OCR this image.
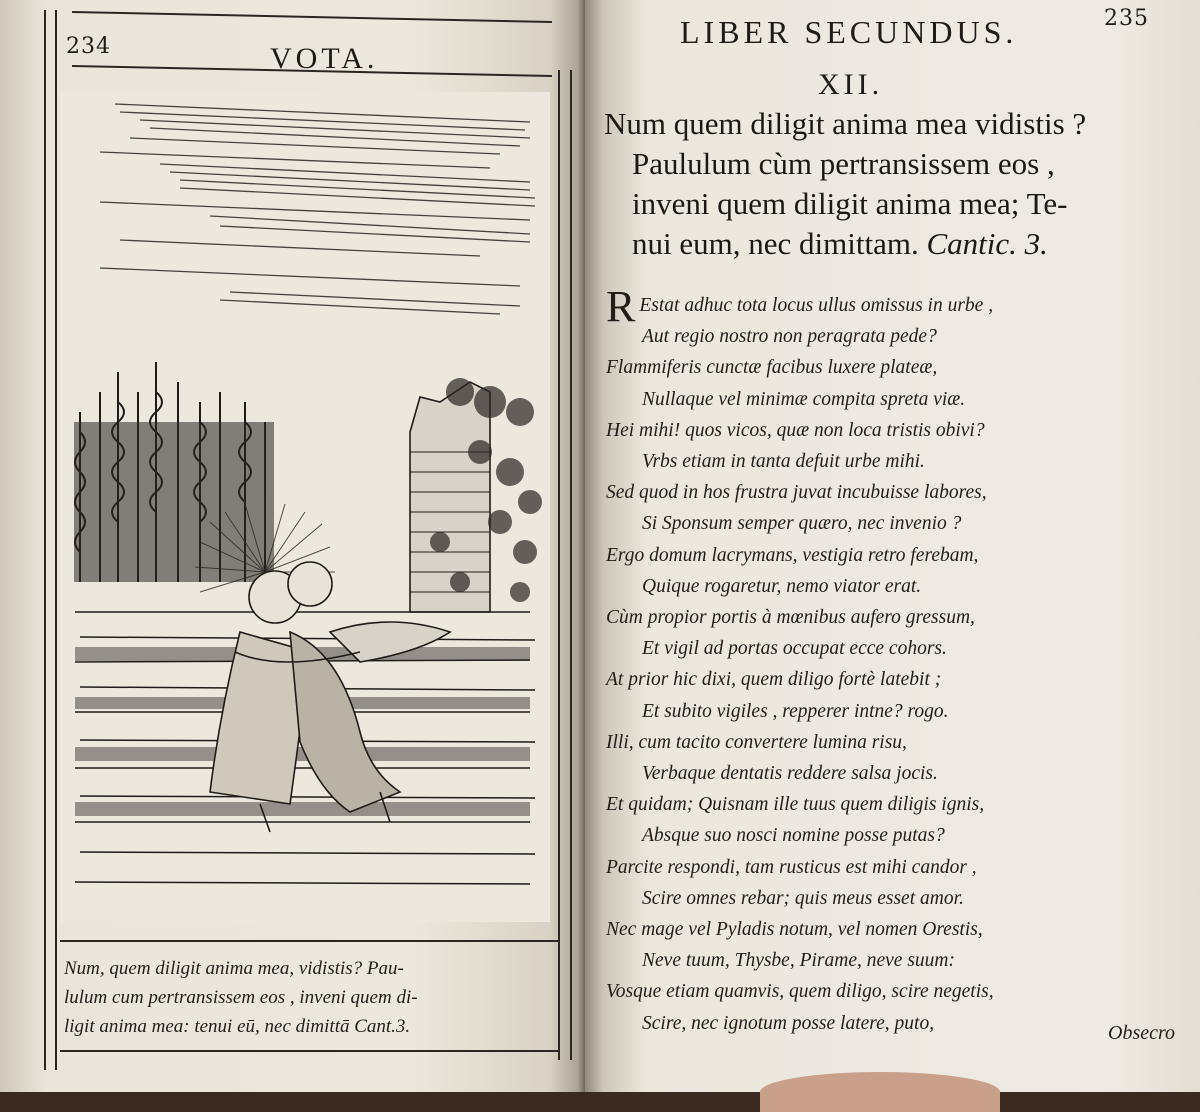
234	VOTA.
Num, quem diligit anima mea, vidistis? Pau-
lulum cum pertransissem eos , inveni quem di-
ligit anima mea: tenui eū, nec dimittā Cant.3.
LIBER SECUNDUS.	235
XII.
Num quem diligit anima mea vidistis ?
Paululum cùm pertransissem eos ,
inveni quem diligit anima mea; Te-
nui eum, nec dimittam. Cantic. 3.
R Estat adhuc tota locus ullus omissus in urbe ,
Aut regio nostro non peragrata pede?
Flammiferis cunctæ facibus luxere plateæ,
Nullaque vel minimæ compita spreta viæ.
Hei mihi! quos vicos, quæ non loca tristis obivi?
Vrbs etiam in tanta defuit urbe mihi.
Sed quod in hos frustra juvat incubuisse labores,
Si Sponsum semper quæro, nec invenio ?
Ergo domum lacrymans, vestigia retro ferebam,
Quique rogaretur, nemo viator erat.
Cùm propior portis à mœnibus aufero gressum,
Et vigil ad portas occupat ecce cohors.
At prior hic dixi, quem diligo fortè latebit ;
Et subito vigiles , repperer intne? rogo.
Illi, cum tacito convertere lumina risu,
Verbaque dentatis reddere salsa jocis.
Et quidam; Quisnam ille tuus quem diligis ignis,
Absque suo nosci nomine posse putas?
Parcite respondi, tam rusticus est mihi candor ,
Scire omnes rebar; quis meus esset amor.
Nec mage vel Pyladis notum, vel nomen Orestis,
Neve tuum, Thysbe, Pirame, neve suum:
Vosque etiam quamvis, quem diligo, scire negetis,
Scire, nec ignotum posse latere, puto,	Obsecro
